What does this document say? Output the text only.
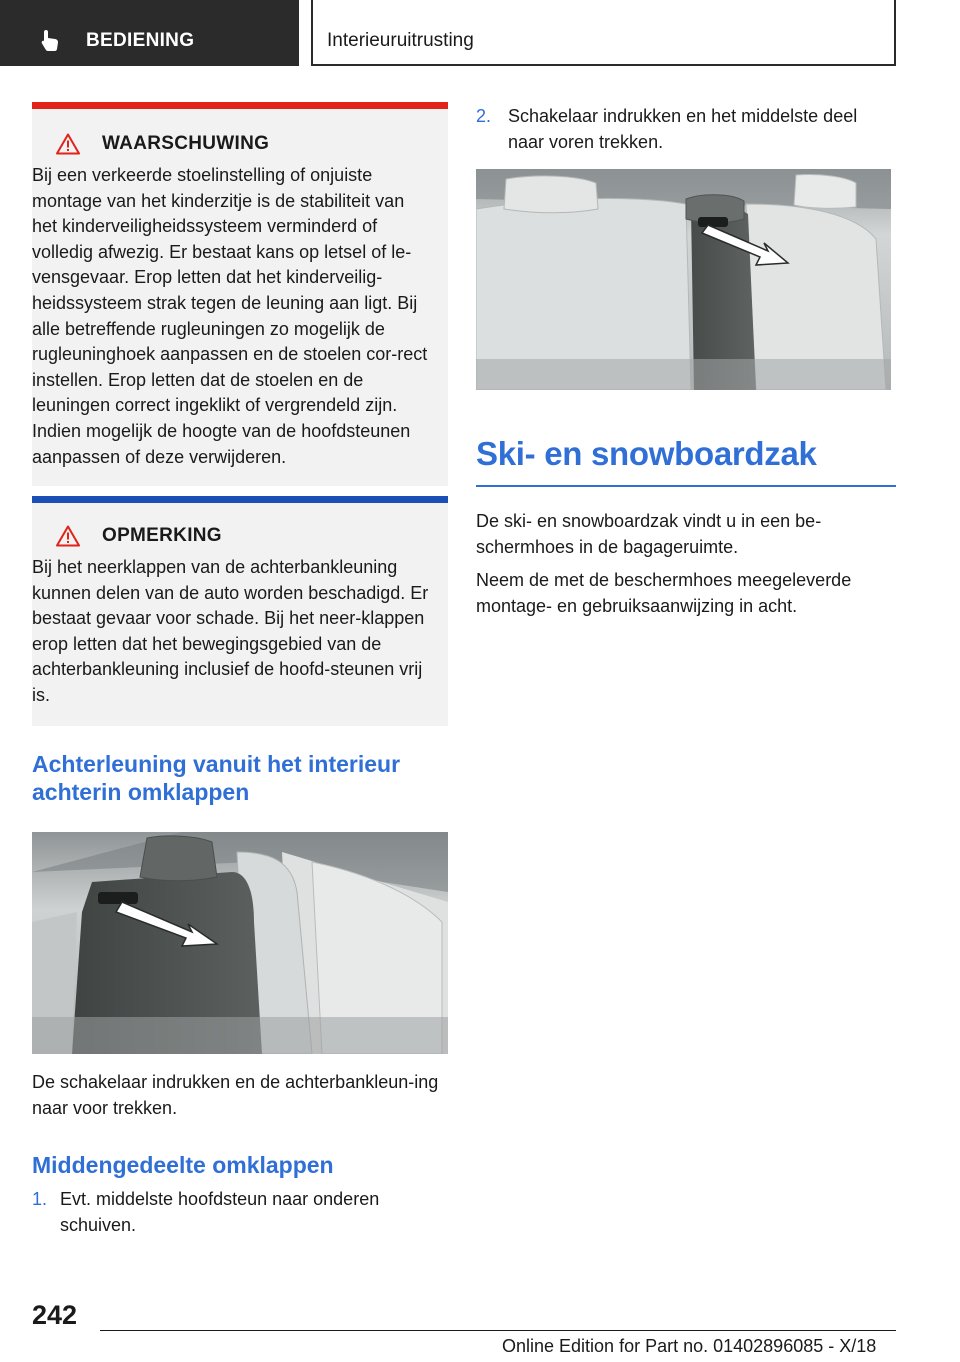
BEDIENING	Interieuruitrusting
WAARSCHUWING

Bij een verkeerde stoelinstelling of onjuiste montage van het kinderzitje is de stabiliteit van het kinderveiligheidssysteem verminderd of volledig afwezig. Er bestaat kans op letsel of le-vensgevaar. Erop letten dat het kinderveilig-heidssysteem strak tegen de leuning aan ligt. Bij alle betreffende rugleuningen zo mogelijk de rugleuninghoek aanpassen en de stoelen cor-rect instellen. Erop letten dat de stoelen en de leuningen correct ingeklikt of vergrendeld zijn. Indien mogelijk de hoogte van de hoofdsteunen aanpassen of deze verwijderen.

OPMERKING

Bij het neerklappen van de achterbankleuning kunnen delen van de auto worden beschadigd. Er bestaat gevaar voor schade. Bij het neer-klappen erop letten dat het bewegingsgebied van de achterbankleuning inclusief de hoofd-steunen vrij is.

Achterleuning vanuit het interieur achterin omklappen

De schakelaar indrukken en de achterbankleun-ing naar voor trekken.

Middengedeelte omklappen
1. Evt. middelste hoofdsteun naar onderen schuiven.
2. Schakelaar indrukken en het middelste deel naar voren trekken.
Ski- en snowboardzak

De ski- en snowboardzak vindt u in een be-schermhoes in de bagageruimte.

Neem de met de beschermhoes meegeleverde montage- en gebruiksaanwijzing in acht.

242
Online Edition for Part no. 01402896085 - X/18
